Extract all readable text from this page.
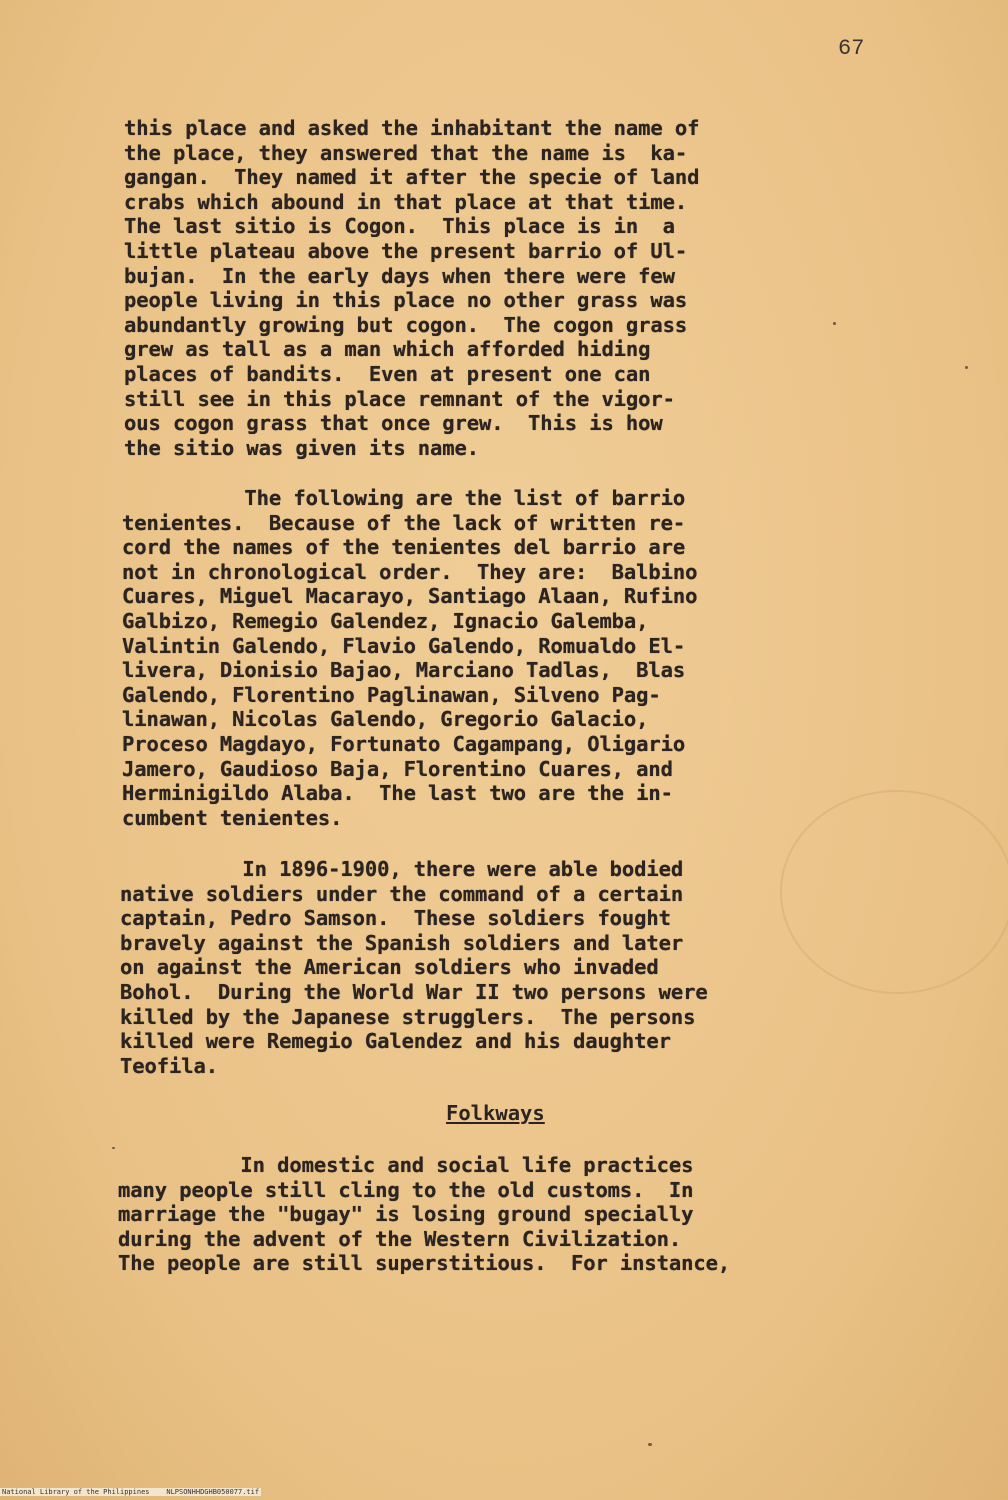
67
this place and asked the inhabitant the name of
the place, they answered that the name is  ka-
gangan.  They named it after the specie of land
crabs which abound in that place at that time.
The last sitio is Cogon.  This place is in  a
little plateau above the present barrio of Ul-
bujan.  In the early days when there were few
people living in this place no other grass was
abundantly growing but cogon.  The cogon grass
grew as tall as a man which afforded hiding
places of bandits.  Even at present one can
still see in this place remnant of the vigor-
ous cogon grass that once grew.  This is how
the sitio was given its name.
The following are the list of barrio
tenientes.  Because of the lack of written re-
cord the names of the tenientes del barrio are
not in chronological order.  They are:  Balbino
Cuares, Miguel Macarayo, Santiago Alaan, Rufino
Galbizo, Remegio Galendez, Ignacio Galemba,
Valintin Galendo, Flavio Galendo, Romualdo El-
livera, Dionisio Bajao, Marciano Tadlas,  Blas
Galendo, Florentino Paglinawan, Silveno Pag-
linawan, Nicolas Galendo, Gregorio Galacio,
Proceso Magdayo, Fortunato Cagampang, Oligario
Jamero, Gaudioso Baja, Florentino Cuares, and
Herminigildo Alaba.  The last two are the in-
cumbent tenientes.
In 1896-1900, there were able bodied
native soldiers under the command of a certain
captain, Pedro Samson.  These soldiers fought
bravely against the Spanish soldiers and later
on against the American soldiers who invaded
Bohol.  During the World War II two persons were
killed by the Japanese strugglers.  The persons
killed were Remegio Galendez and his daughter
Teofila.
Folkways
In domestic and social life practices
many people still cling to the old customs.  In
marriage the "bugay" is losing ground specially
during the advent of the Western Civilization.
The people are still superstitious.  For instance,
National Library of the Philippines    NLPSONHHDGHB050077.tif
